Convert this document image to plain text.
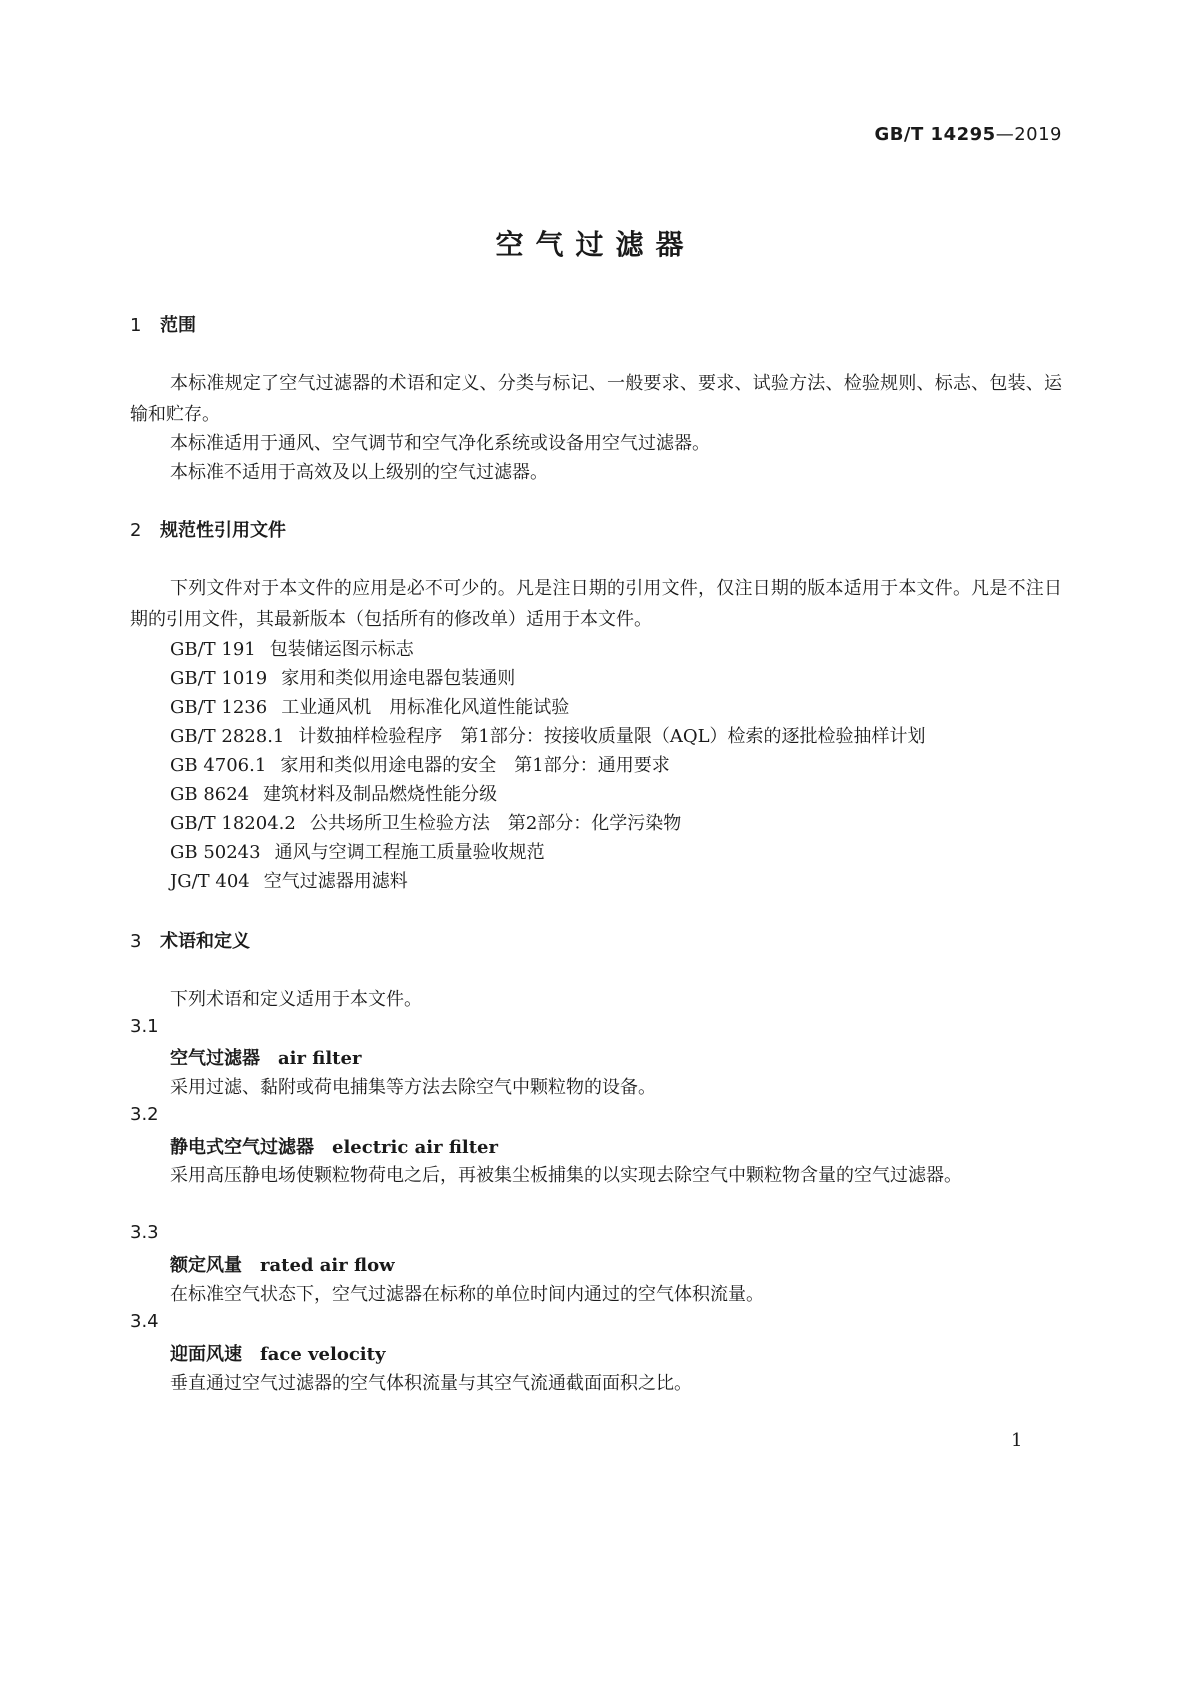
GB/T 14295—2019
空气过滤器
1 范围
本标准规定了空气过滤器的术语和定义、分类与标记、一般要求、要求、试验方法、检验规则、标志、包装、运输和贮存。
本标准适用于通风、空气调节和空气净化系统或设备用空气过滤器。
本标准不适用于高效及以上级别的空气过滤器。
2 规范性引用文件
下列文件对于本文件的应用是必不可少的。凡是注日期的引用文件，仅注日期的版本适用于本文件。凡是不注日期的引用文件，其最新版本（包括所有的修改单）适用于本文件。
GB/T 191 包装储运图示标志
GB/T 1019 家用和类似用途电器包装通则
GB/T 1236 工业通风机　用标准化风道性能试验
GB/T 2828.1 计数抽样检验程序　第1部分：按接收质量限（AQL）检索的逐批检验抽样计划
GB 4706.1 家用和类似用途电器的安全　第1部分：通用要求
GB 8624 建筑材料及制品燃烧性能分级
GB/T 18204.2 公共场所卫生检验方法　第2部分：化学污染物
GB 50243 通风与空调工程施工质量验收规范
JG/T 404 空气过滤器用滤料
3 术语和定义
下列术语和定义适用于本文件。
3.1
空气过滤器 air filter
采用过滤、黏附或荷电捕集等方法去除空气中颗粒物的设备。
3.2
静电式空气过滤器 electric air filter
采用高压静电场使颗粒物荷电之后，再被集尘板捕集的以实现去除空气中颗粒物含量的空气过滤器。
3.3
额定风量 rated air flow
在标准空气状态下，空气过滤器在标称的单位时间内通过的空气体积流量。
3.4
迎面风速 face velocity
垂直通过空气过滤器的空气体积流量与其空气流通截面面积之比。
1
